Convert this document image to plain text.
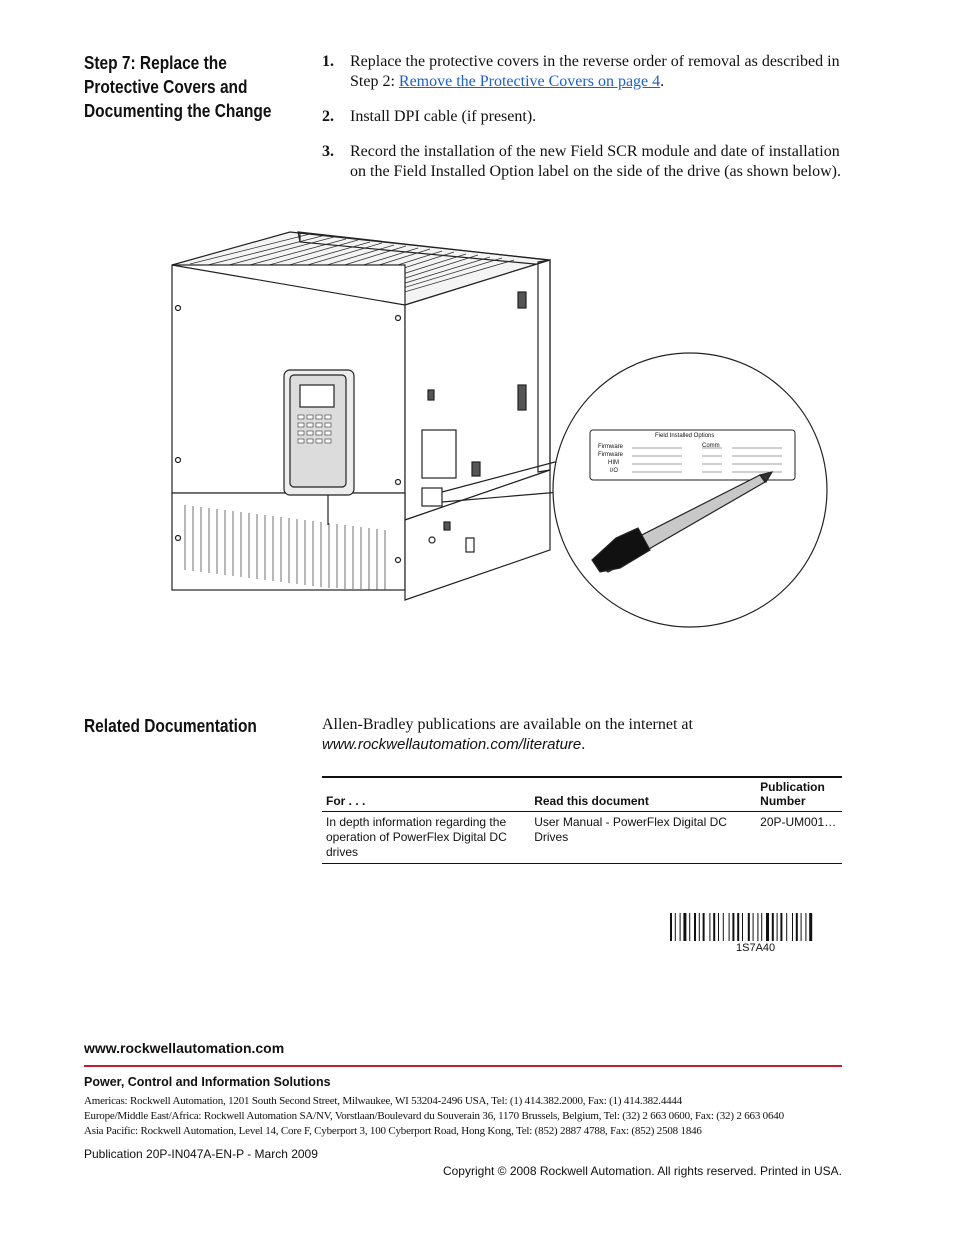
Step 7: Replace the
Protective Covers and
Documenting the Change
1.	Replace the protective covers in the reverse order of removal as described in Step 2: Remove the Protective Covers on page 4.
2.	Install DPI cable (if present).
3.	Record the installation of the new Field SCR module and date of installation on the Field Installed Option label on the side of the drive (as shown below).
Field Installed Options
Firmware
Firmware
HIM
I/O
Comm
Related Documentation	Allen-Bradley publications are available on the internet at
www.rockwellautomation.com/literature.
For . . .	Read this document	Publication Number
In depth information regarding the operation of PowerFlex Digital DC drives	User Manual - PowerFlex Digital DC Drives	20P-UM001…
1S7A40
www.rockwellautomation.com
Power, Control and Information Solutions
Americas: Rockwell Automation, 1201 South Second Street, Milwaukee, WI 53204-2496 USA, Tel: (1) 414.382.2000, Fax: (1) 414.382.4444
Europe/Middle East/Africa: Rockwell Automation SA/NV, Vorstlaan/Boulevard du Souverain 36, 1170 Brussels, Belgium, Tel: (32) 2 663 0600, Fax: (32) 2 663 0640
Asia Pacific: Rockwell Automation, Level 14, Core F, Cyberport 3, 100 Cyberport Road, Hong Kong, Tel: (852) 2887 4788, Fax: (852) 2508 1846
Publication 20P-IN047A-EN-P - March 2009
Copyright © 2008 Rockwell Automation. All rights reserved. Printed in USA.
